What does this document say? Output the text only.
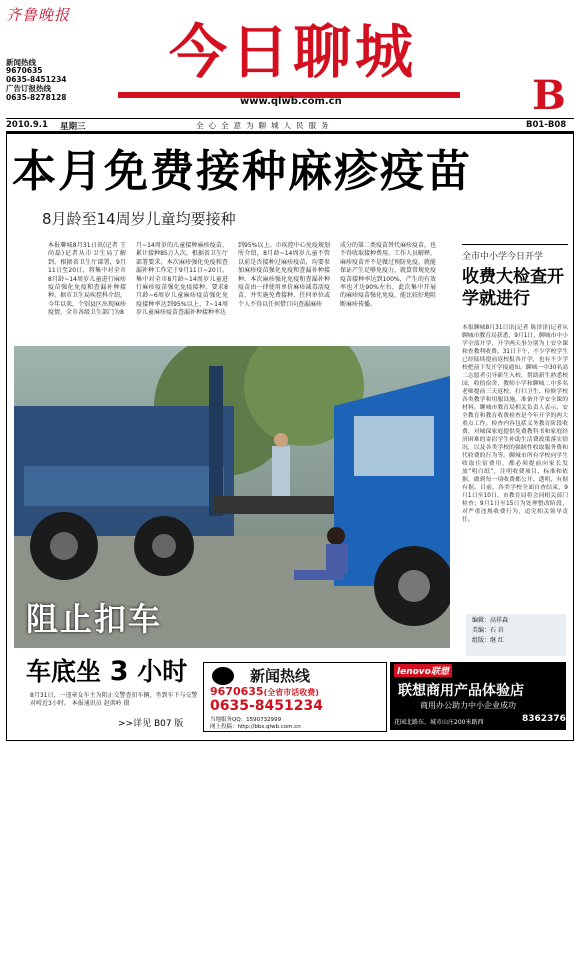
齐鲁晚报
新闻热线
9670635
0635-8451234
广告订报热线
0635-8278128
今日聊城
www.qlwb.com.cn	B
2010.9.1 星期三	全心全意为聊城人民服务	B01-B08
本月免费接种麻疹疫苗
8月龄至14周岁儿童均要接种
本报聊城8月31日讯(记者 王尚磊)记者从市卫生局了解到，根据省卫生厅部署，9月11日至20日，将集中对全市8月龄~14周岁儿童进行麻疹疫苗强化免疫和查漏补种接种。据市卫生局疾控科介绍，今年以来，个别县区出现麻疹疫情，全市各级卫生部门为8
月~14周岁的儿童接种麻疹疫苗，累计接种85万人次。根据省卫生厅部署要求，本次麻疹强化免疫和查漏补种工作定于9月11日~20日。集中对全市8月龄~14周岁儿童进行麻疹疫苗强化免疫接种，要求8月龄~6周岁儿童麻疹疫苗强化免疫接种率达到95%以上，7~14周岁儿童麻疹疫苗查漏补种接种率达
到95%以上。市疾控中心免疫规划所介绍，8月龄~14周岁儿童不管以前是否接种过麻疹疫苗，均要参加麻疹疫苗强化免疫和查漏补种接种。本次麻疹强化免疫和查漏补种疫苗由一律使用单价麻疹减毒活疫苗，并实施免费接种，任何单位或个人不得以任何借口向查漏麻疹
成分的第二类疫苗替代麻疹疫苗，也不得收取接种费用。工作人员解释，麻疹疫苗并不是做过预防免疫，就能保证产生足够免疫力，就算常规免疫疫苗接种率达到100%，产生的有效率也才达90%左右，此次集中开展的麻疹疫苗强化免疫，能比较好地阻断麻疹传播。
全市中小学今日开学
收费大检查开学就进行
本报聊城8月31日讯(记者 陈泽泽)记者从聊城市教育局获悉，9月1日，聊城市中小学全部开学，开学两天事分别为上安全课和查教利收费。31日下午，不少学校学生已经陆续提前返校报各开学，也有不少学校把前下发开学接通知，聊城一中30名高二志愿者引导新生入校，帮助新生熟悉校园，收拾宿舍，教师小学和聊城二中多名老师提前三天返校，打扫卫生、检修学校各类教学和用服设施，准备开学安全课的材料。聊城市教育局相关负责人表示，安全教育和教育收费检查是今年开学的两大重点工作。检查内容包括义务教育阶段收费，对城保家庭提供免费教科书和家庭经济困难的寄宿学生补助生活费政策落实情况，以及各类学校的强制性收取服务费和代收费的行为等。聊城市所有学校向学生收取住宿费用，都必须提前向家长发放“明白纸”，注明收费项目、标准和依据，做到每一项收费都公开、透明、有据有据。目前，各类学校全面自查结束，9月1日至10日，市教育局将会同相关部门检查；9月1日至15日为处理整改阶段，对严重违规收费行为，追究相关领导责任。
编辑：高祥森
美编：石 岩
组版：继 红
阻止扣车
车底坐 3 小时
8月31日，一违章女车主为阻止交警查扣车辆，坐到车下与交警对峙近3小时。 本报通讯员 赵洪岭 摄
>>详见 B07 版
新闻热线
9670635(全省市话收费)
0635-8451234
当地服务QQ：1590732999
网上投稿：http://bbs.qlwb.com.cn
lenovo联想
联想商用产品体验店
商用办公助力中小企业成功
花园北路东、城市山庄200米路西	8362376
